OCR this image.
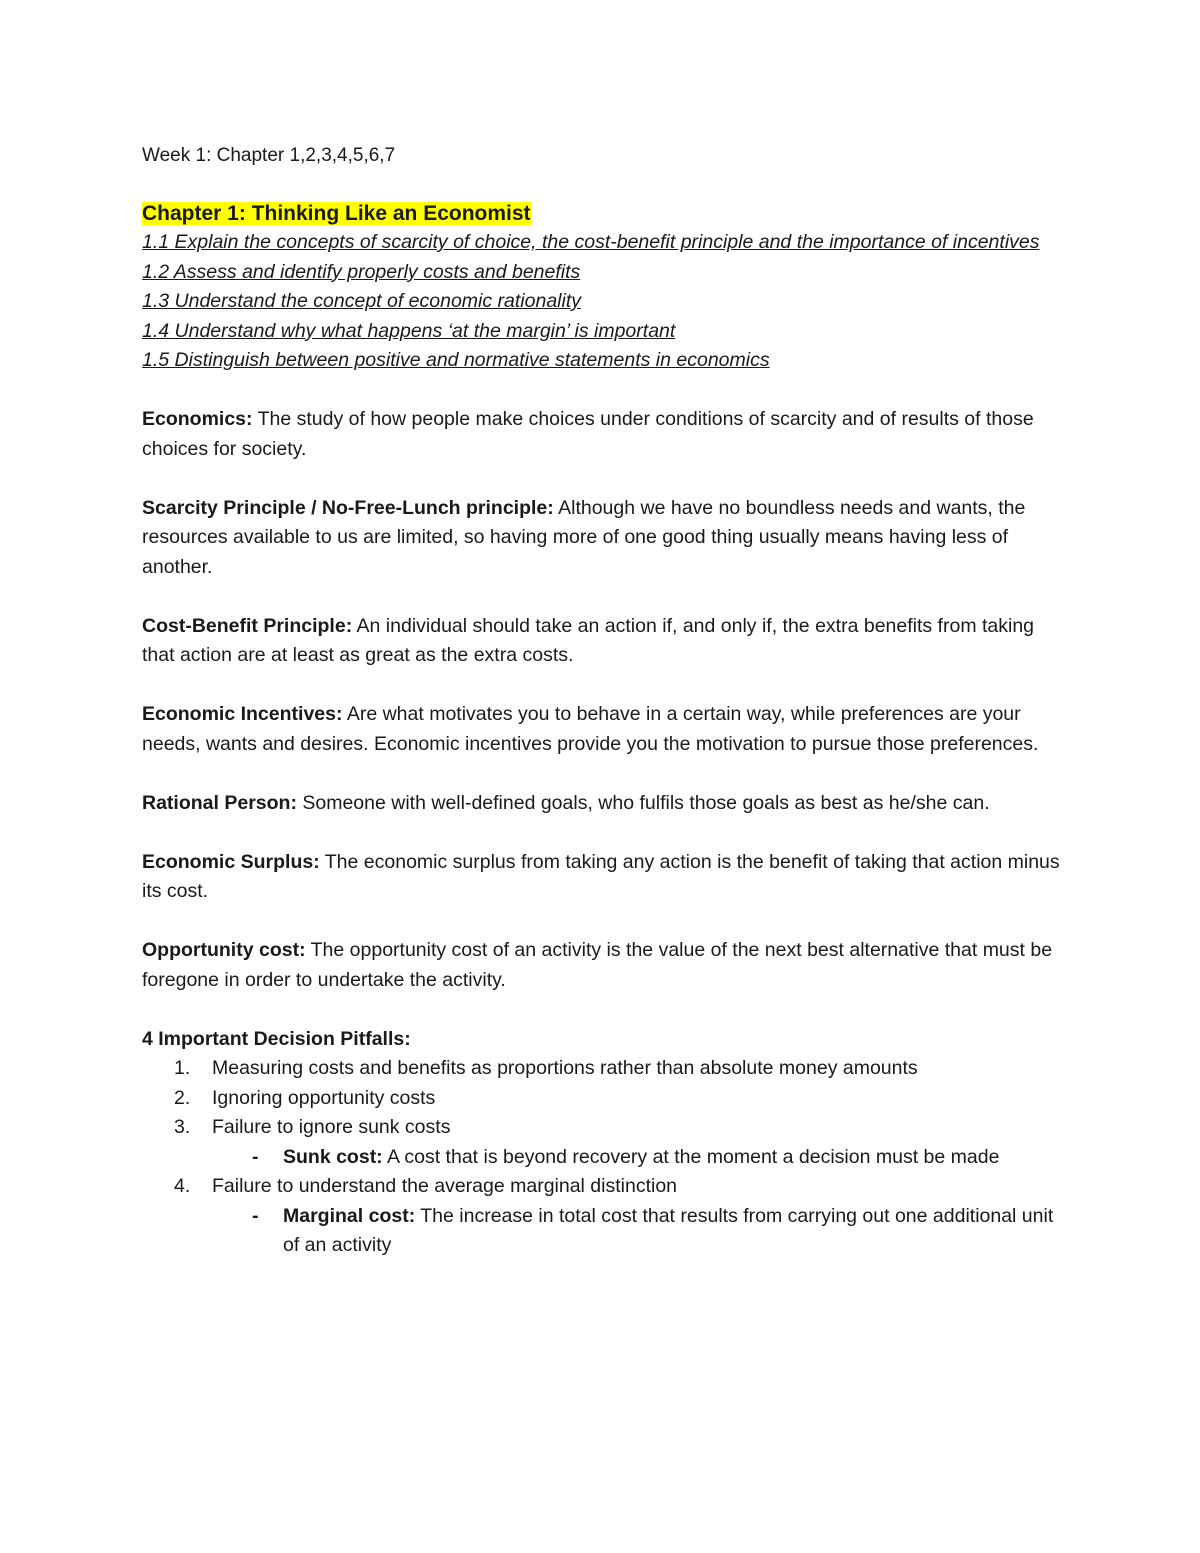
Week 1: Chapter 1,2,3,4,5,6,7
Chapter 1: Thinking Like an Economist
1.1 Explain the concepts of scarcity of choice, the cost-benefit principle and the importance of incentives
1.2 Assess and identify properly costs and benefits
1.3 Understand the concept of economic rationality
1.4 Understand why what happens ‘at the margin’ is important
1.5 Distinguish between positive and normative statements in economics

Economics: The study of how people make choices under conditions of scarcity and of results of those choices for society.

Scarcity Principle / No-Free-Lunch principle: Although we have no boundless needs and wants, the resources available to us are limited, so having more of one good thing usually means having less of another.

Cost-Benefit Principle: An individual should take an action if, and only if, the extra benefits from taking that action are at least as great as the extra costs.

Economic Incentives: Are what motivates you to behave in a certain way, while preferences are your needs, wants and desires. Economic incentives provide you the motivation to pursue those preferences.

Rational Person: Someone with well-defined goals, who fulfils those goals as best as he/she can.

Economic Surplus: The economic surplus from taking any action is the benefit of taking that action minus its cost.

Opportunity cost: The opportunity cost of an activity is the value of the next best alternative that must be foregone in order to undertake the activity.

4 Important Decision Pitfalls:
1. Measuring costs and benefits as proportions rather than absolute money amounts
2. Ignoring opportunity costs
3. Failure to ignore sunk costs
- Sunk cost: A cost that is beyond recovery at the moment a decision must be made
4. Failure to understand the average marginal distinction
- Marginal cost: The increase in total cost that results from carrying out one additional unit of an activity
